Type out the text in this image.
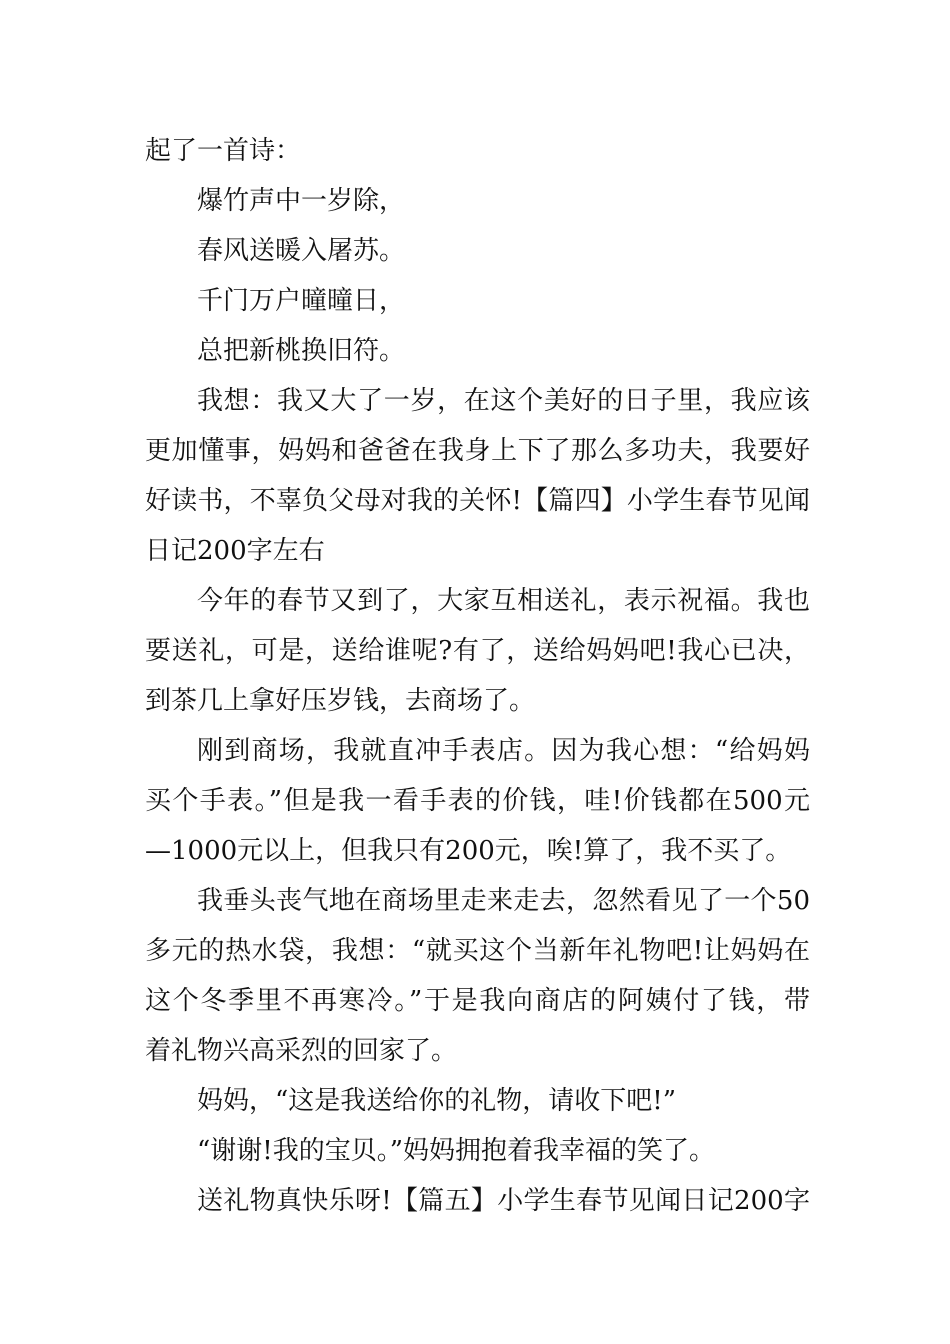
起了一首诗：
爆竹声中一岁除，
春风送暖入屠苏。
千门万户曈曈日，
总把新桃换旧符。
我想：我又大了一岁，在这个美好的日子里，我应该
更加懂事，妈妈和爸爸在我身上下了那么多功夫，我要好
好读书，不辜负父母对我的关怀!【篇四】小学生春节见闻
日记200字左右
今年的春节又到了，大家互相送礼，表示祝福。我也
要送礼，可是，送给谁呢?有了，送给妈妈吧!我心已决，
到茶几上拿好压岁钱，去商场了。
刚到商场，我就直冲手表店。因为我心想：“给妈妈
买个手表。”但是我一看手表的价钱，哇!价钱都在500元
—1000元以上，但我只有200元，唉!算了，我不买了。
我垂头丧气地在商场里走来走去，忽然看见了一个50
多元的热水袋，我想：“就买这个当新年礼物吧!让妈妈在
这个冬季里不再寒冷。”于是我向商店的阿姨付了钱，带
着礼物兴高采烈的回家了。
妈妈，“这是我送给你的礼物，请收下吧!”
“谢谢!我的宝贝。”妈妈拥抱着我幸福的笑了。
送礼物真快乐呀!【篇五】小学生春节见闻日记200字
